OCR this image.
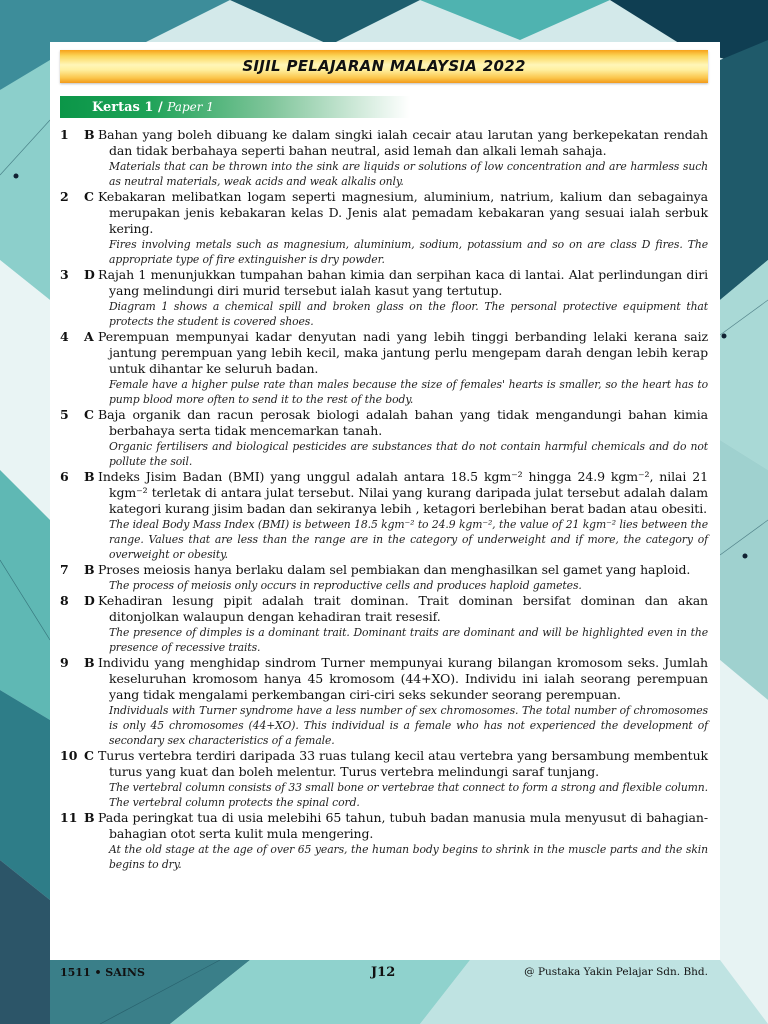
SIJIL PELAJARAN MALAYSIA 2022
Kertas 1 / Paper 1
1 B Bahan yang boleh dibuang ke dalam singki ialah cecair atau larutan yang berkepekatan rendah dan tidak berbahaya seperti bahan neutral, asid lemah dan alkali lemah sahaja.
Materials that can be thrown into the sink are liquids or solutions of low concentration and are harmless such as neutral materials, weak acids and weak alkalis only.
2 C Kebakaran melibatkan logam seperti magnesium, aluminium, natrium, kalium dan sebagainya merupakan jenis kebakaran kelas D. Jenis alat pemadam kebakaran yang sesuai ialah serbuk kering.
Fires involving metals such as magnesium, aluminium, sodium, potassium and so on are class D fires. The appropriate type of fire extinguisher is dry powder.
3 D Rajah 1 menunjukkan tumpahan bahan kimia dan serpihan kaca di lantai. Alat perlindungan diri yang melindungi diri murid tersebut ialah kasut yang tertutup.
Diagram 1 shows a chemical spill and broken glass on the floor. The personal protective equipment that protects the student is covered shoes.
4 A Perempuan mempunyai kadar denyutan nadi yang lebih tinggi berbanding lelaki kerana saiz jantung perempuan yang lebih kecil, maka jantung perlu mengepam darah dengan lebih kerap untuk dihantar ke seluruh badan.
Female have a higher pulse rate than males because the size of females' hearts is smaller, so the heart has to pump blood more often to send it to the rest of the body.
5 C Baja organik dan racun perosak biologi adalah bahan yang tidak mengandungi bahan kimia berbahaya serta tidak mencemarkan tanah.
Organic fertilisers and biological pesticides are substances that do not contain harmful chemicals and do not pollute the soil.
6 B Indeks Jisim Badan (BMI) yang unggul adalah antara 18.5 kgm⁻² hingga 24.9 kgm⁻², nilai 21 kgm⁻² terletak di antara julat tersebut. Nilai yang kurang daripada julat tersebut adalah dalam kategori kurang jisim badan dan sekiranya lebih , ketagori berlebihan berat badan atau obesiti.
The ideal Body Mass Index (BMI) is between 18.5 kgm⁻² to 24.9 kgm⁻², the value of 21 kgm⁻² lies between the range. Values that are less than the range are in the category of underweight and if more, the category of overweight or obesity.
7 B Proses meiosis hanya berlaku dalam sel pembiakan dan menghasilkan sel gamet yang haploid.
The process of meiosis only occurs in reproductive cells and produces haploid gametes.
8 D Kehadiran lesung pipit adalah trait dominan. Trait dominan bersifat dominan dan akan ditonjolkan walaupun dengan kehadiran trait resesif.
The presence of dimples is a dominant trait. Dominant traits are dominant and will be highlighted even in the presence of recessive traits.
9 B Individu yang menghidap sindrom Turner mempunyai kurang bilangan kromosom seks. Jumlah keseluruhan kromosom hanya 45 kromosom (44+XO). Individu ini ialah seorang perempuan yang tidak mengalami perkembangan ciri-ciri seks sekunder seorang perempuan.
Individuals with Turner syndrome have a less number of sex chromosomes. The total number of chromosomes is only 45 chromosomes (44+XO). This individual is a female who has not experienced the development of secondary sex characteristics of a female.
10 C Turus vertebra terdiri daripada 33 ruas tulang kecil atau vertebra yang bersambung membentuk turus yang kuat dan boleh melentur. Turus vertebra melindungi saraf tunjang.
The vertebral column consists of 33 small bone or vertebrae that connect to form a strong and flexible column. The vertebral column protects the spinal cord.
11 B Pada peringkat tua di usia melebihi 65 tahun, tubuh badan manusia mula menyusut di bahagian-bahagian otot serta kulit mula mengering.
At the old stage at the age of over 65 years, the human body begins to shrink in the muscle parts and the skin begins to dry.
1511 • SAINS	J12	@ Pustaka Yakin Pelajar Sdn. Bhd.
